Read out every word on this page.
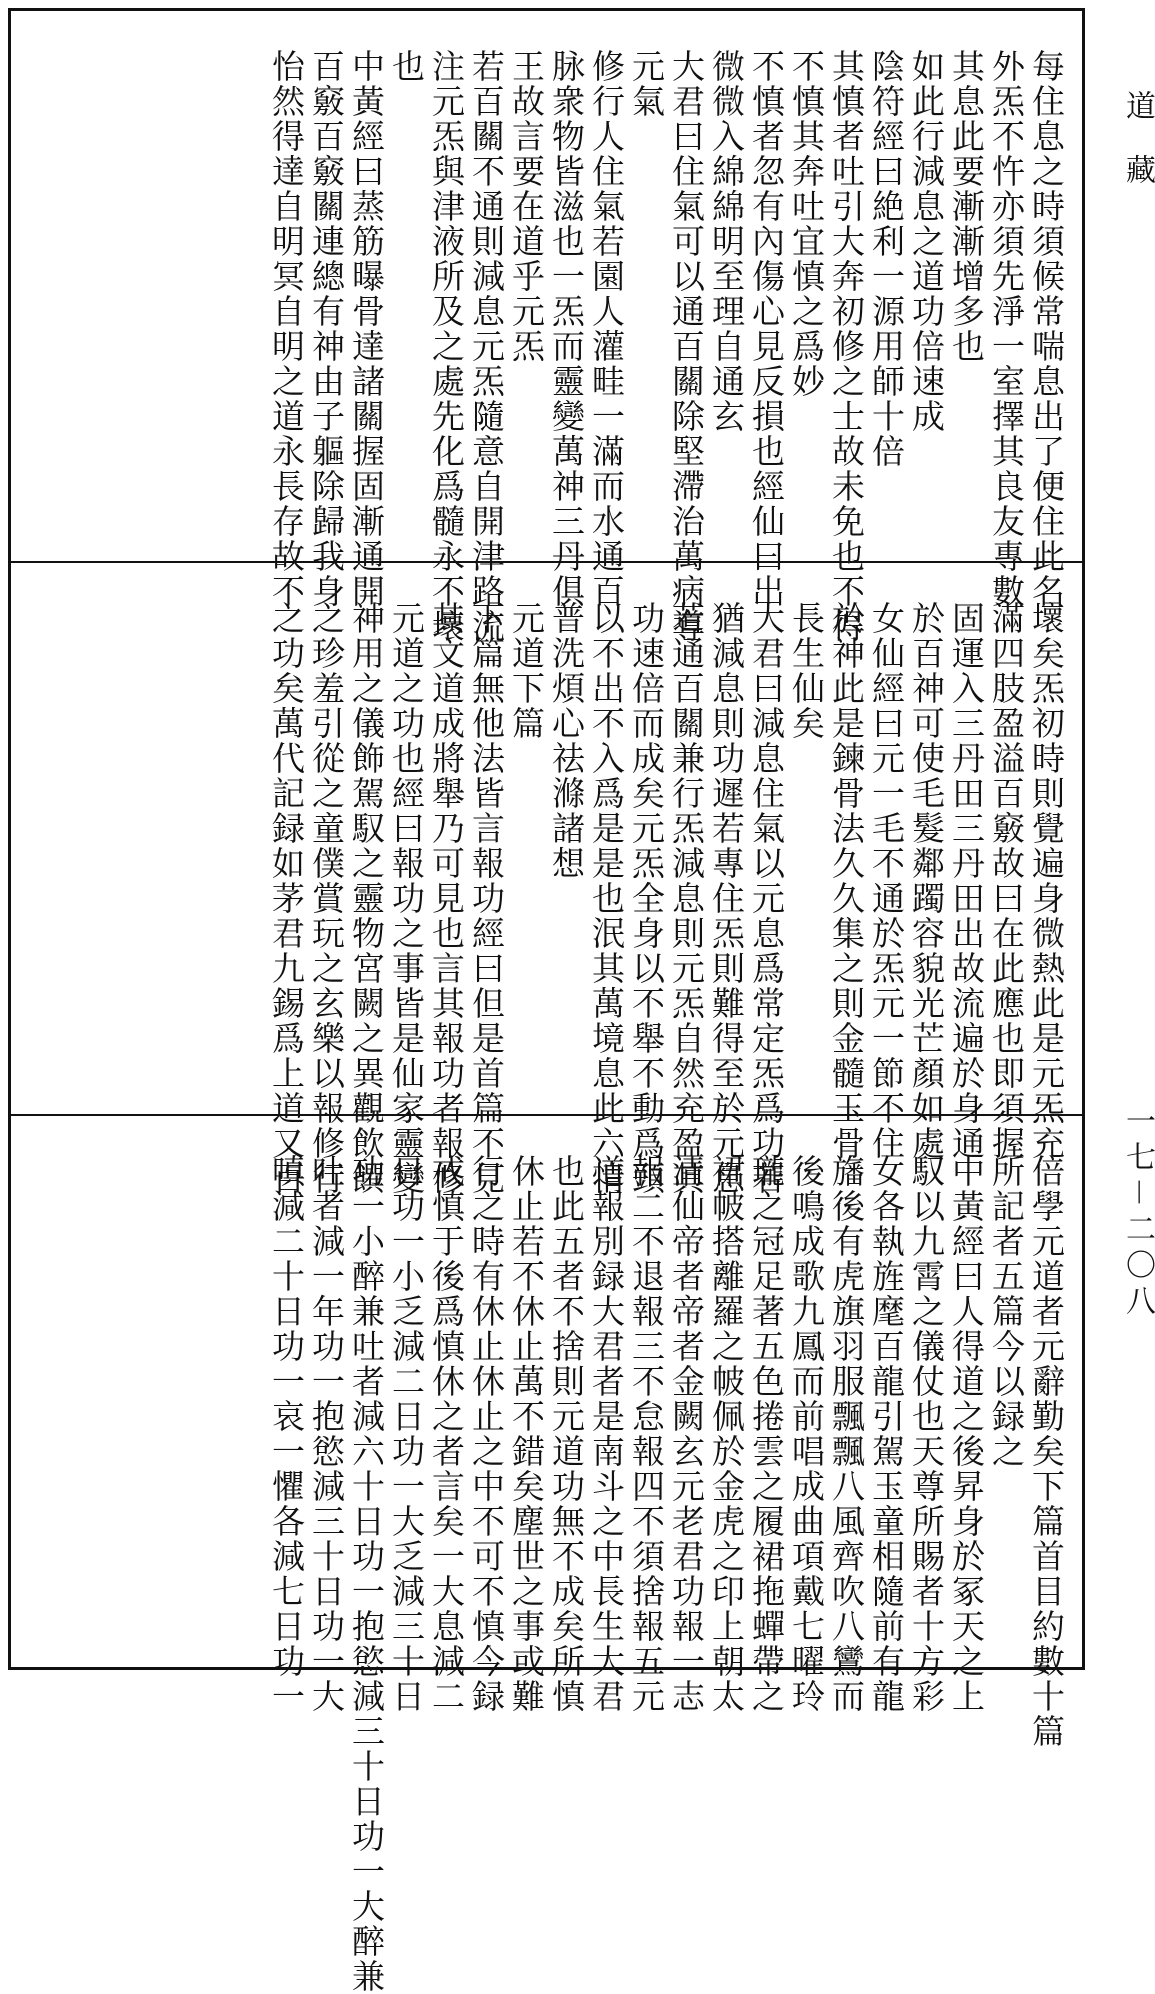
每住息之時須候常喘息出了便住此名
外炁不忤亦須先淨一室擇其良友專數
其息此要漸漸增多也
如此行減息之道功倍速成
陰符經曰絶利一源用師十倍
其慎者吐引大奔初修之士故未免也不得
不慎其奔吐宜慎之爲妙
不慎者忽有內傷心見反損也經仙曰出
微微入綿綿明至理自通玄
大君曰住氣可以通百關除堅滯治萬病導
元氣
修行人住氣若園人灌畦一滿而水通百
脉衆物皆滋也一炁而靈變萬神三丹俱
王故言要在道乎元炁
若百關不通則減息元炁隨意自開津路流
注元炁與津液所及之處先化爲髓永不壞
也
中黃經曰蒸筋曝骨達諸關握固漸通開
百竅百竅關連總有神由子軀除歸我身
怡然得達自明冥自明之道永長存故不
壞矣炁初時則覺遍身微熱此是元炁充
滿四肢盈溢百竅故曰在此應也即須握
固運入三丹田三丹田出故流遍於身通
於百神可使毛髮鄰躅容貌光芒顏如處
女仙經曰元一毛不通於炁元一節不住
於神此是鍊骨法久久集之則金髓玉骨
長生仙矣
大君曰減息住氣以元息爲常定炁爲功若
猶減息則功遲若專住炁則難得至於元息
若通百關兼行炁減息則元炁自然充盈其
功速倍而成矣元炁全身以不舉不動爲頭
以不出不入爲是是也泯其萬境息此六情
普洗煩心祛滌諸想
元道下篇
下篇無他法皆言報功經曰但是首篇不見
其文道成將舉乃可見也言其報功者報修
元道之功也經曰報功之事皆是仙家靈變
神用之儀飾駕馭之靈物宮闕之異觀飲饌
之珍羞引從之童僕賞玩之玄樂以報修行
之功矣萬代記録如茅君九錫爲上道又百
倍學元道者元辭勤矣下篇首目約數十篇
所記者五篇今以録之
中黃經曰人得道之後昇身於冢天之上
馭以九霄之儀仗也天尊所賜者十方彩
女各執旌麾百龍引駕玉童相隨前有龍
旛後有虎旗羽服飄飄八風齊吹八鸞而
後鳴成歌九鳳而前唱成曲項戴七曜玲
瓏之冠足著五色捲雲之履裙拖蟬帶之
裙帔搭離羅之帔佩於金虎之印上朝太
清仙帝者帝者金闕玄元老君功報一志
報二不退報三不怠報四不須捨報五元
道報別録大君者是南斗之中長生大君
也此五者不捨則元道功無不成矣所慎
休止若不休止萬不錯矣塵世之事或難
行之時有休止休止之中不可不慎今録
戒慎于後爲慎休之者言矣一大息減二
日功一小乏減二日功一大乏減三十日
功一小醉兼吐者減六十日功一抱慾減三十日功一大醉兼
吐者減一年功一抱慾減三十日功一大
嗔減二十日功一哀一懼各減七日功一
道藏
一七－二〇八
